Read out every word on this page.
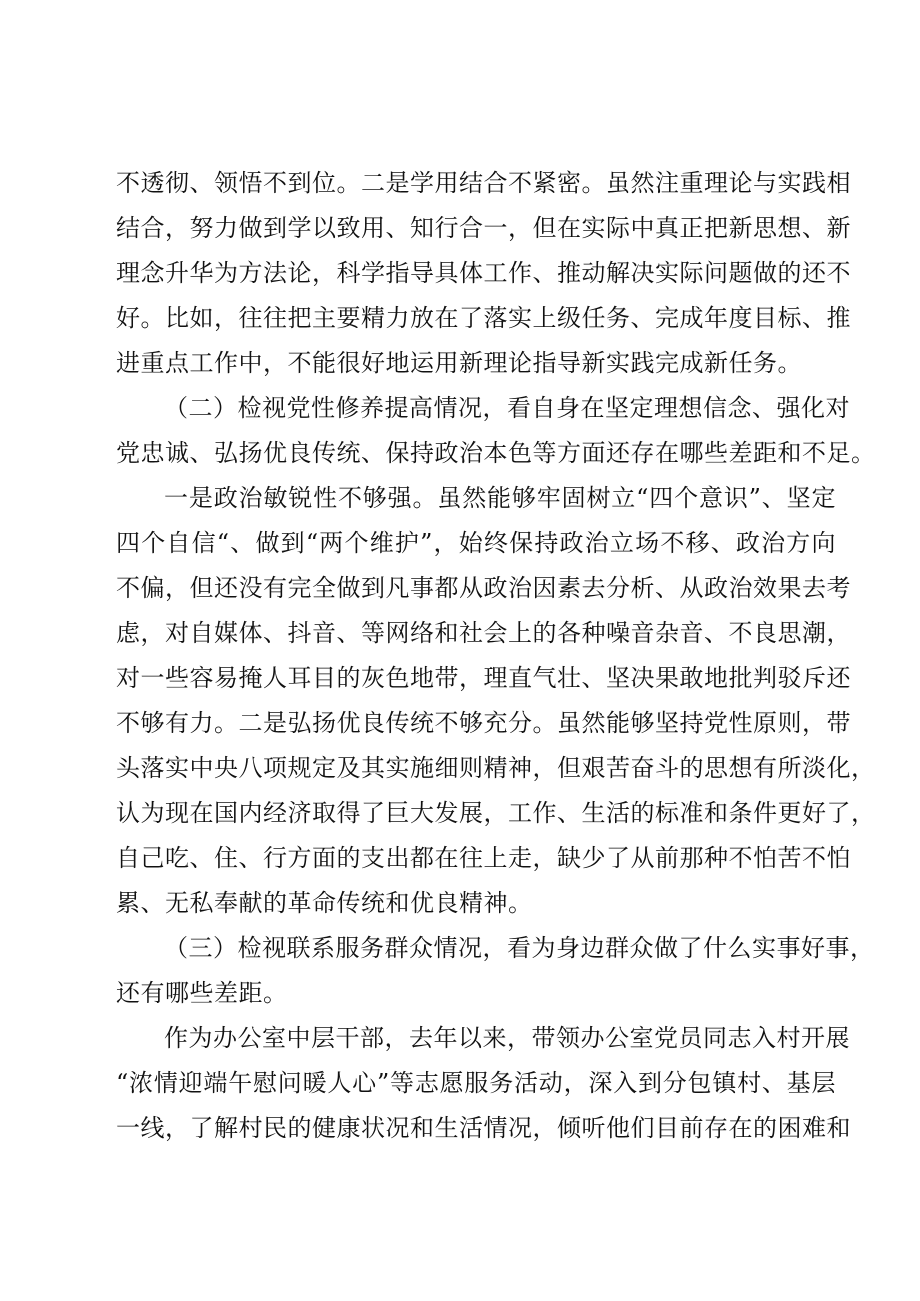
不透彻、领悟不到位。二是学用结合不紧密。虽然注重理论与实践相
结合，努力做到学以致用、知行合一，但在实际中真正把新思想、新
理念升华为方法论，科学指导具体工作、推动解决实际问题做的还不
好。比如，往往把主要精力放在了落实上级任务、完成年度目标、推
进重点工作中，不能很好地运用新理论指导新实践完成新任务。
（二）检视党性修养提高情况，看自身在坚定理想信念、强化对
党忠诚、弘扬优良传统、保持政治本色等方面还存在哪些差距和不足。
一是政治敏锐性不够强。虽然能够牢固树立“四个意识”、坚定
四个自信“、做到“两个维护”，始终保持政治立场不移、政治方向
不偏，但还没有完全做到凡事都从政治因素去分析、从政治效果去考
虑，对自媒体、抖音、等网络和社会上的各种噪音杂音、不良思潮，
对一些容易掩人耳目的灰色地带，理直气壮、坚决果敢地批判驳斥还
不够有力。二是弘扬优良传统不够充分。虽然能够坚持党性原则，带
头落实中央八项规定及其实施细则精神，但艰苦奋斗的思想有所淡化，
认为现在国内经济取得了巨大发展，工作、生活的标准和条件更好了，
自己吃、住、行方面的支出都在往上走，缺少了从前那种不怕苦不怕
累、无私奉献的革命传统和优良精神。
（三）检视联系服务群众情况，看为身边群众做了什么实事好事，
还有哪些差距。
作为办公室中层干部，去年以来，带领办公室党员同志入村开展
“浓情迎端午慰问暖人心”等志愿服务活动，深入到分包镇村、基层
一线，了解村民的健康状况和生活情况，倾听他们目前存在的困难和
